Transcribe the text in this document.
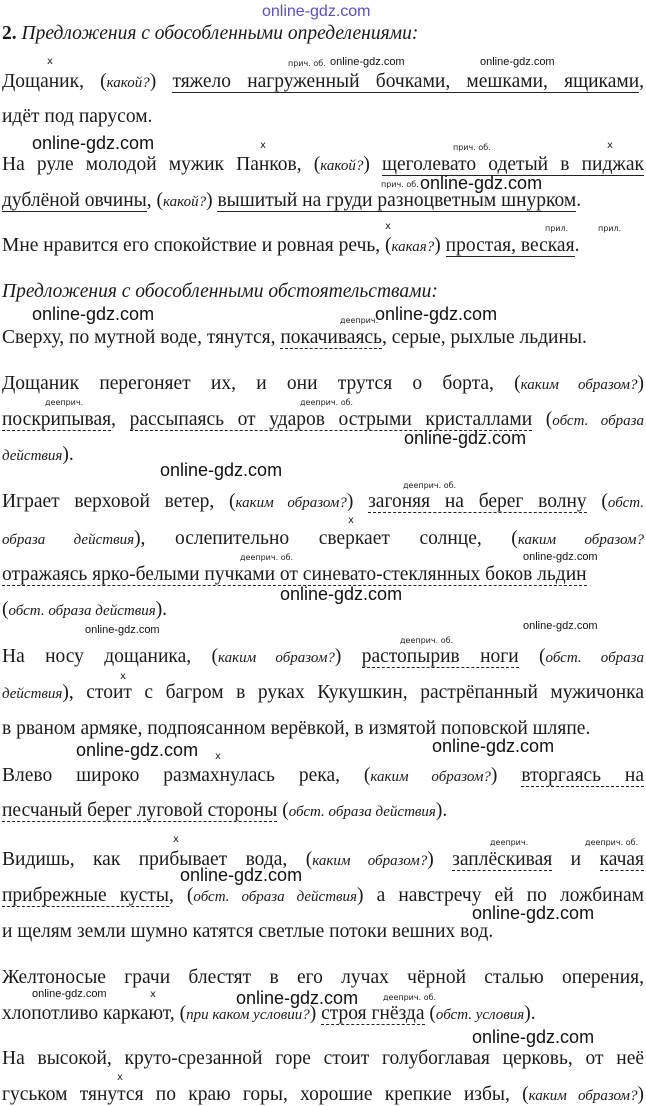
online-gdz.com
2. Предложения с обособленными определениями:
x	прич. об. online-gdz.com	online-gdz.com
Дощаник, (какой?) тяжело нагруженный бочками, мешками, ящиками,
идёт под парусом.
online-gdz.com	x	прич. об.	x
На руле молодой мужик Панков, (какой?) щеголевато одетый в пиджак
прич. об. online-gdz.com
дублёной овчины, (какой?) вышитый на груди разноцветным шнурком.
x	прил.	прил.
Мне нравится его спокойствие и ровная речь, (какая?) простая, веская.
Предложения с обособленными обстоятельствами:
online-gdz.com	дееприч.
online-gdz.com
Сверху, по мутной воде, тянутся, покачиваясь, серые, рыхлые льдины.
Дощаник перегоняет их, и они трутся о борта, (каким образом?)
дееприч.	дееприч. об.
поскрипывая, рассыпаясь от ударов острыми кристаллами (обст. образа
online-gdz.com
действия).
online-gdz.com
дееприч. об.
Играет верховой ветер, (каким образом?) загоняя на берег волну (обст.
x
образа действия), ослепительно сверкает солнце, (каким образом?
дееприч. об.	online-gdz.com
отражаясь ярко-белыми пучками от синевато-стеклянных боков льдин
online-gdz.com
(обст. образа действия).
online-gdz.com	online-gdz.com
дееприч. об.
На носу дощаника, (каким образом?) растопырив ноги (обст. образа
x
действия), стоит с багром в руках Кукушкин, растрёпанный мужичонка
в рваном армяке, подпоясанном верёвкой, в измятой поповской шляпе.
online-gdz.com x
online-gdz.com
Влево широко размахнулась река, (каким образом?) вторгаясь на
песчаный берег луговой стороны (обст. образа действия).
x	дееприч.	дееприч. об.
Видишь, как прибывает вода, (каким образом?) заплёскивая и качая
online-gdz.com
прибрежные кусты, (обст. образа действия) а навстречу ей по ложбинам
online-gdz.com
и щелям земли шумно катятся светлые потоки вешних вод.
Желтоносые грачи блестят в его лучах чёрной сталью оперения,
online-gdz.com	x	online-gdz.com	дееприч. об.
хлопотливо каркают, (при каком условии?) строя гнёзда (обст. условия).
online-gdz.com
На высокой, круто-срезанной горе стоит голубоглавая церковь, от неё
x
гуськом тянутся по краю горы, хорошие крепкие избы, (каким образом?)
